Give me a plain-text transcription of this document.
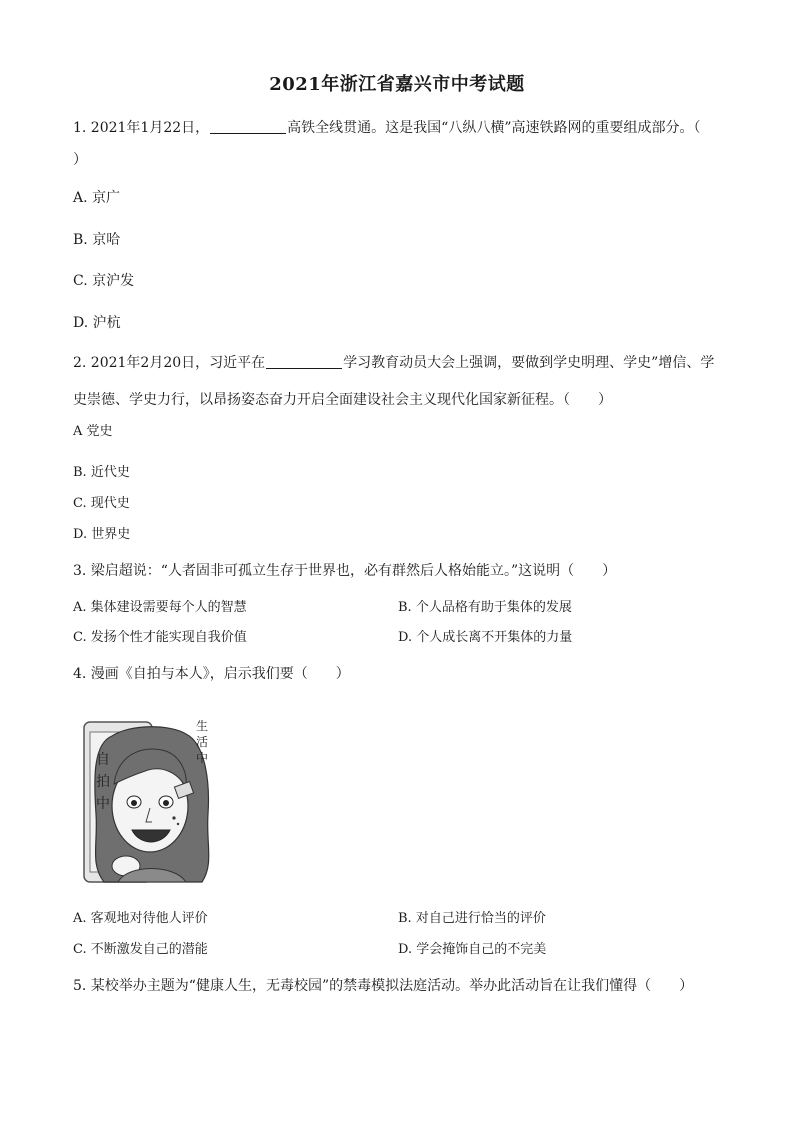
2021年浙江省嘉兴市中考试题
1. 2021年1月22日，	高铁全线贯通。这是我国“八纵八横”高速铁路网的重要组成部分。（
）
A. 京广
B. 京哈
C. 京沪发
D. 沪杭
2. 2021年2月20日，习近平在	学习教育动员大会上强调，要做到学史明理、学史”增信、学
史崇德、学史力行，以昂扬姿态奋力开启全面建设社会主义现代化国家新征程。（　　）
A 党史
B. 近代史
C. 现代史
D. 世界史
3. 梁启超说：“人者固非可孤立生存于世界也，必有群然后人格始能立。”这说明（　　）
A. 集体建设需要每个人的智慧	B. 个人品格有助于集体的发展
C. 发扬个性才能实现自我价值	D. 个人成长离不开集体的力量
4. 漫画《自拍与本人》，启示我们要（　　）
自
拍
中
生
活
中
A. 客观地对待他人评价	B. 对自己进行恰当的评价
C. 不断激发自己的潜能	D. 学会掩饰自己的不完美
5. 某校举办主题为“健康人生，无毒校园”的禁毒模拟法庭活动。举办此活动旨在让我们懂得（　　）
